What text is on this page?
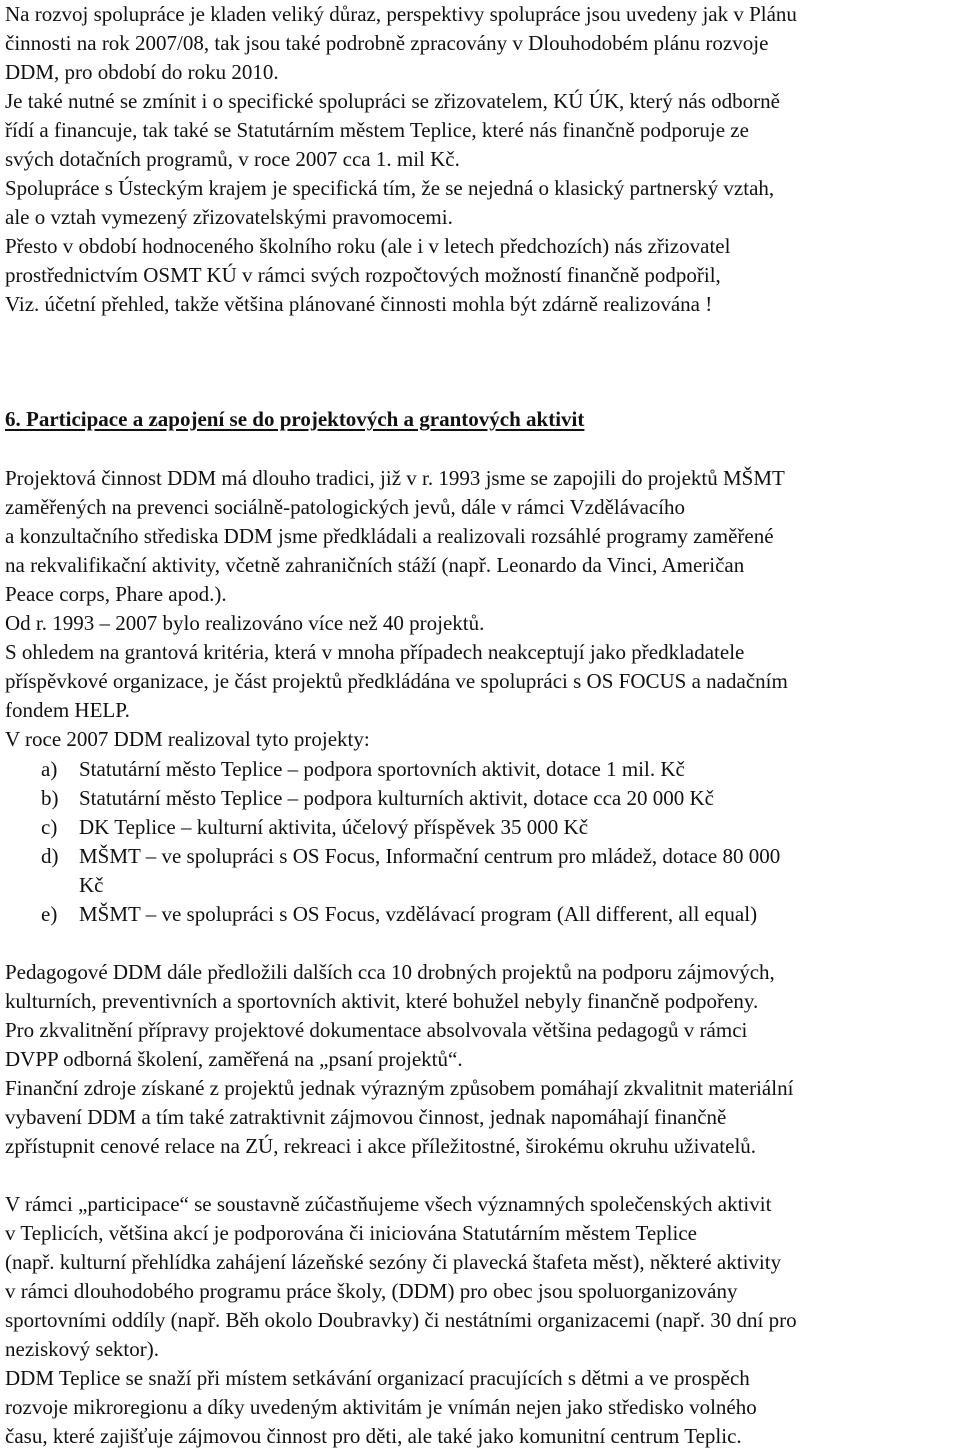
Na rozvoj spolupráce je kladen veliký důraz, perspektivy spolupráce jsou uvedeny jak v Plánu
činnosti na rok 2007/08, tak jsou také podrobně zpracovány v Dlouhodobém plánu rozvoje
DDM, pro období do roku 2010.
Je také nutné se zmínit i o specifické spolupráci se zřizovatelem, KÚ ÚK, který nás odborně
řídí a financuje, tak také se Statutárním městem Teplice, které nás finančně podporuje ze
svých dotačních programů, v roce 2007 cca 1. mil Kč.
Spolupráce s Ústeckým krajem je specifická tím, že se nejedná o klasický partnerský vztah,
ale o vztah vymezený zřizovatelskými pravomocemi.
Přesto v období hodnoceného školního roku (ale i v letech předchozích) nás zřizovatel
prostřednictvím OSMT KÚ v rámci svých rozpočtových možností finančně podpořil,
Viz. účetní přehled, takže většina plánované činnosti mohla být zdárně realizována !
6. Participace a zapojení se do projektových a grantových aktivit
Projektová činnost DDM má dlouho tradici, již v r. 1993 jsme se zapojili do projektů MŠMT
zaměřených na prevenci sociálně-patologických jevů, dále v rámci Vzdělávacího
a konzultačního střediska DDM jsme předkládali a realizovali rozsáhlé programy zaměřené
na rekvalifikační aktivity, včetně zahraničních stáží (např. Leonardo da Vinci, Američan
Peace corps, Phare apod.).
Od r. 1993 – 2007 bylo realizováno více než 40 projektů.
S ohledem na grantová kritéria, která v mnoha případech neakceptují jako předkladatele
příspěvkové organizace, je část projektů předkládána ve spolupráci s OS FOCUS a nadačním
fondem HELP.
V roce 2007 DDM realizoval tyto projekty:
a) Statutární město Teplice – podpora sportovních aktivit, dotace 1 mil. Kč
b) Statutární město Teplice – podpora kulturních aktivit, dotace cca 20 000 Kč
c) DK Teplice – kulturní aktivita, účelový příspěvek 35 000 Kč
d) MŠMT – ve spolupráci s OS Focus, Informační centrum pro mládež, dotace 80 000
Kč
e) MŠMT – ve spolupráci s OS Focus, vzdělávací program (All different, all equal)
Pedagogové DDM dále předložili dalších cca 10 drobných projektů na podporu zájmových,
kulturních, preventivních a sportovních aktivit, které bohužel nebyly finančně podpořeny.
Pro zkvalitnění přípravy projektové dokumentace absolvovala většina pedagogů v rámci
DVPP odborná školení, zaměřená na „psaní projektů“.
Finanční zdroje získané z projektů jednak výrazným způsobem pomáhají zkvalitnit materiální
vybavení DDM a tím také zatraktivnit zájmovou činnost, jednak napomáhají finančně
zpřístupnit cenové relace na ZÚ, rekreaci i akce příležitostné, širokému okruhu uživatelů.
V rámci „participace“ se soustavně zúčastňujeme všech významných společenských aktivit
v Teplicích, většina akcí je podporována či iniciována Statutárním městem Teplice
(např. kulturní přehlídka zahájení lázeňské sezóny či plavecká štafeta měst), některé aktivity
v rámci dlouhodobého programu práce školy, (DDM) pro obec jsou spoluorganizovány
sportovními oddíly (např. Běh okolo Doubravky) či nestátními organizacemi (např. 30 dní pro
neziskový sektor).
DDM Teplice se snaží při místem setkávání organizací pracujících s dětmi a ve prospěch
rozvoje mikroregionu a díky uvedeným aktivitám je vnímán nejen jako středisko volného
času, které zajišťuje zájmovou činnost pro děti, ale také jako komunitní centrum Teplic.
